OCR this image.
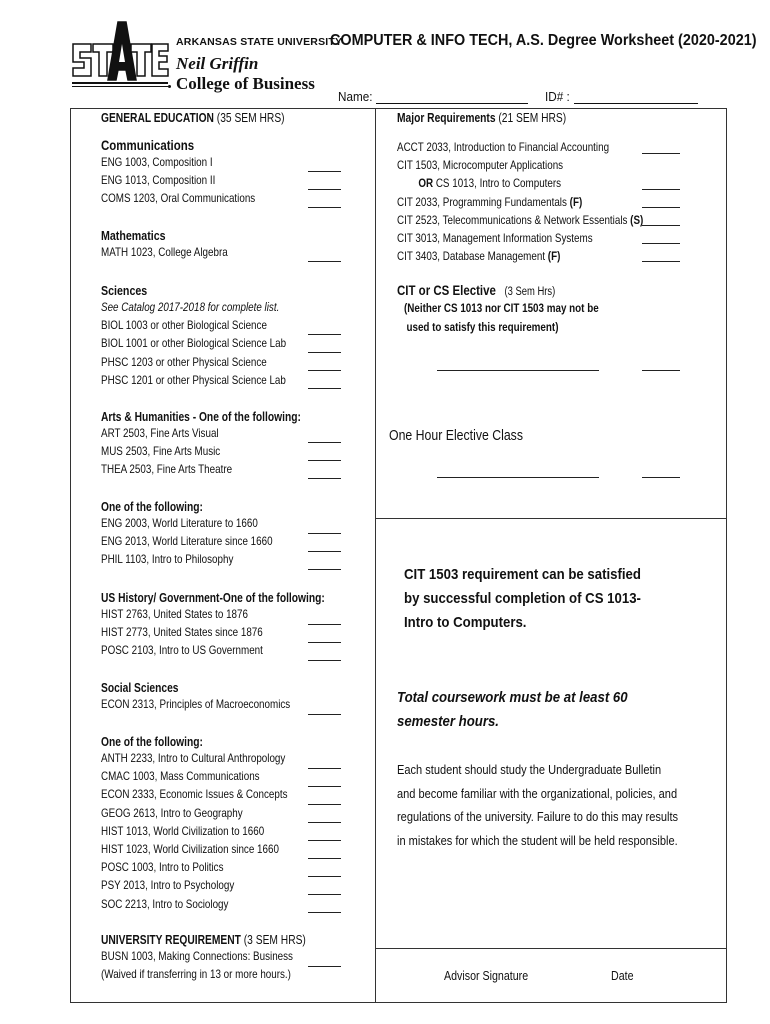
ARKANSAS STATE UNIVERSITY
Neil Griffin
College of Business
COMPUTER & INFO TECH, A.S. Degree Worksheet (2020-2021)
Name:	ID# :
GENERAL EDUCATION (35 SEM HRS)
Communications
ENG 1003, Composition I
ENG 1013, Composition II
COMS 1203, Oral Communications
Mathematics
MATH 1023, College Algebra
Sciences
See Catalog 2017-2018 for complete list.
BIOL 1003 or other Biological Science
BIOL 1001 or other Biological Science Lab
PHSC 1203 or other Physical Science
PHSC 1201 or other Physical Science Lab
Arts & Humanities - One of the following:
ART 2503, Fine Arts Visual
MUS 2503, Fine Arts Music
THEA 2503, Fine Arts Theatre
One of the following:
ENG 2003, World Literature to 1660
ENG 2013, World Literature since 1660
PHIL 1103, Intro to Philosophy
US History/ Government-One of the following:
HIST 2763, United States to 1876
HIST 2773, United States since 1876
POSC 2103, Intro to US Government
Social Sciences
ECON 2313, Principles of Macroeconomics
One of the following:
ANTH 2233, Intro to Cultural Anthropology
CMAC 1003, Mass Communications
ECON 2333, Economic Issues & Concepts
GEOG 2613, Intro to Geography
HIST 1013, World Civilization to 1660
HIST 1023, World Civilization since 1660
POSC 1003, Intro to Politics
PSY 2013, Intro to Psychology
SOC 2213, Intro to Sociology
UNIVERSITY REQUIREMENT (3 SEM HRS)
BUSN 1003, Making Connections: Business
(Waived if transferring in 13 or more hours.)
Major Requirements (21 SEM HRS)
ACCT 2033, Introduction to Financial Accounting
CIT 1503, Microcomputer Applications
OR CS 1013, Intro to Computers
CIT 2033, Programming Fundamentals (F)
CIT 2523, Telecommunications & Network Essentials (S)
CIT 3013, Management Information Systems
CIT 3403, Database Management (F)
CIT or CS Elective (3 Sem Hrs)
(Neither CS 1013 nor CIT 1503 may not be
used to satisfy this requirement)
One Hour Elective Class
CIT 1503 requirement can be satisfied by successful completion of CS 1013- Intro to Computers.
Total coursework must be at least 60 semester hours.
Each student should study the Undergraduate Bulletin and become familiar with the organizational, policies, and regulations of the university. Failure to do this may results in mistakes for which the student will be held responsible.
Advisor Signature	Date
